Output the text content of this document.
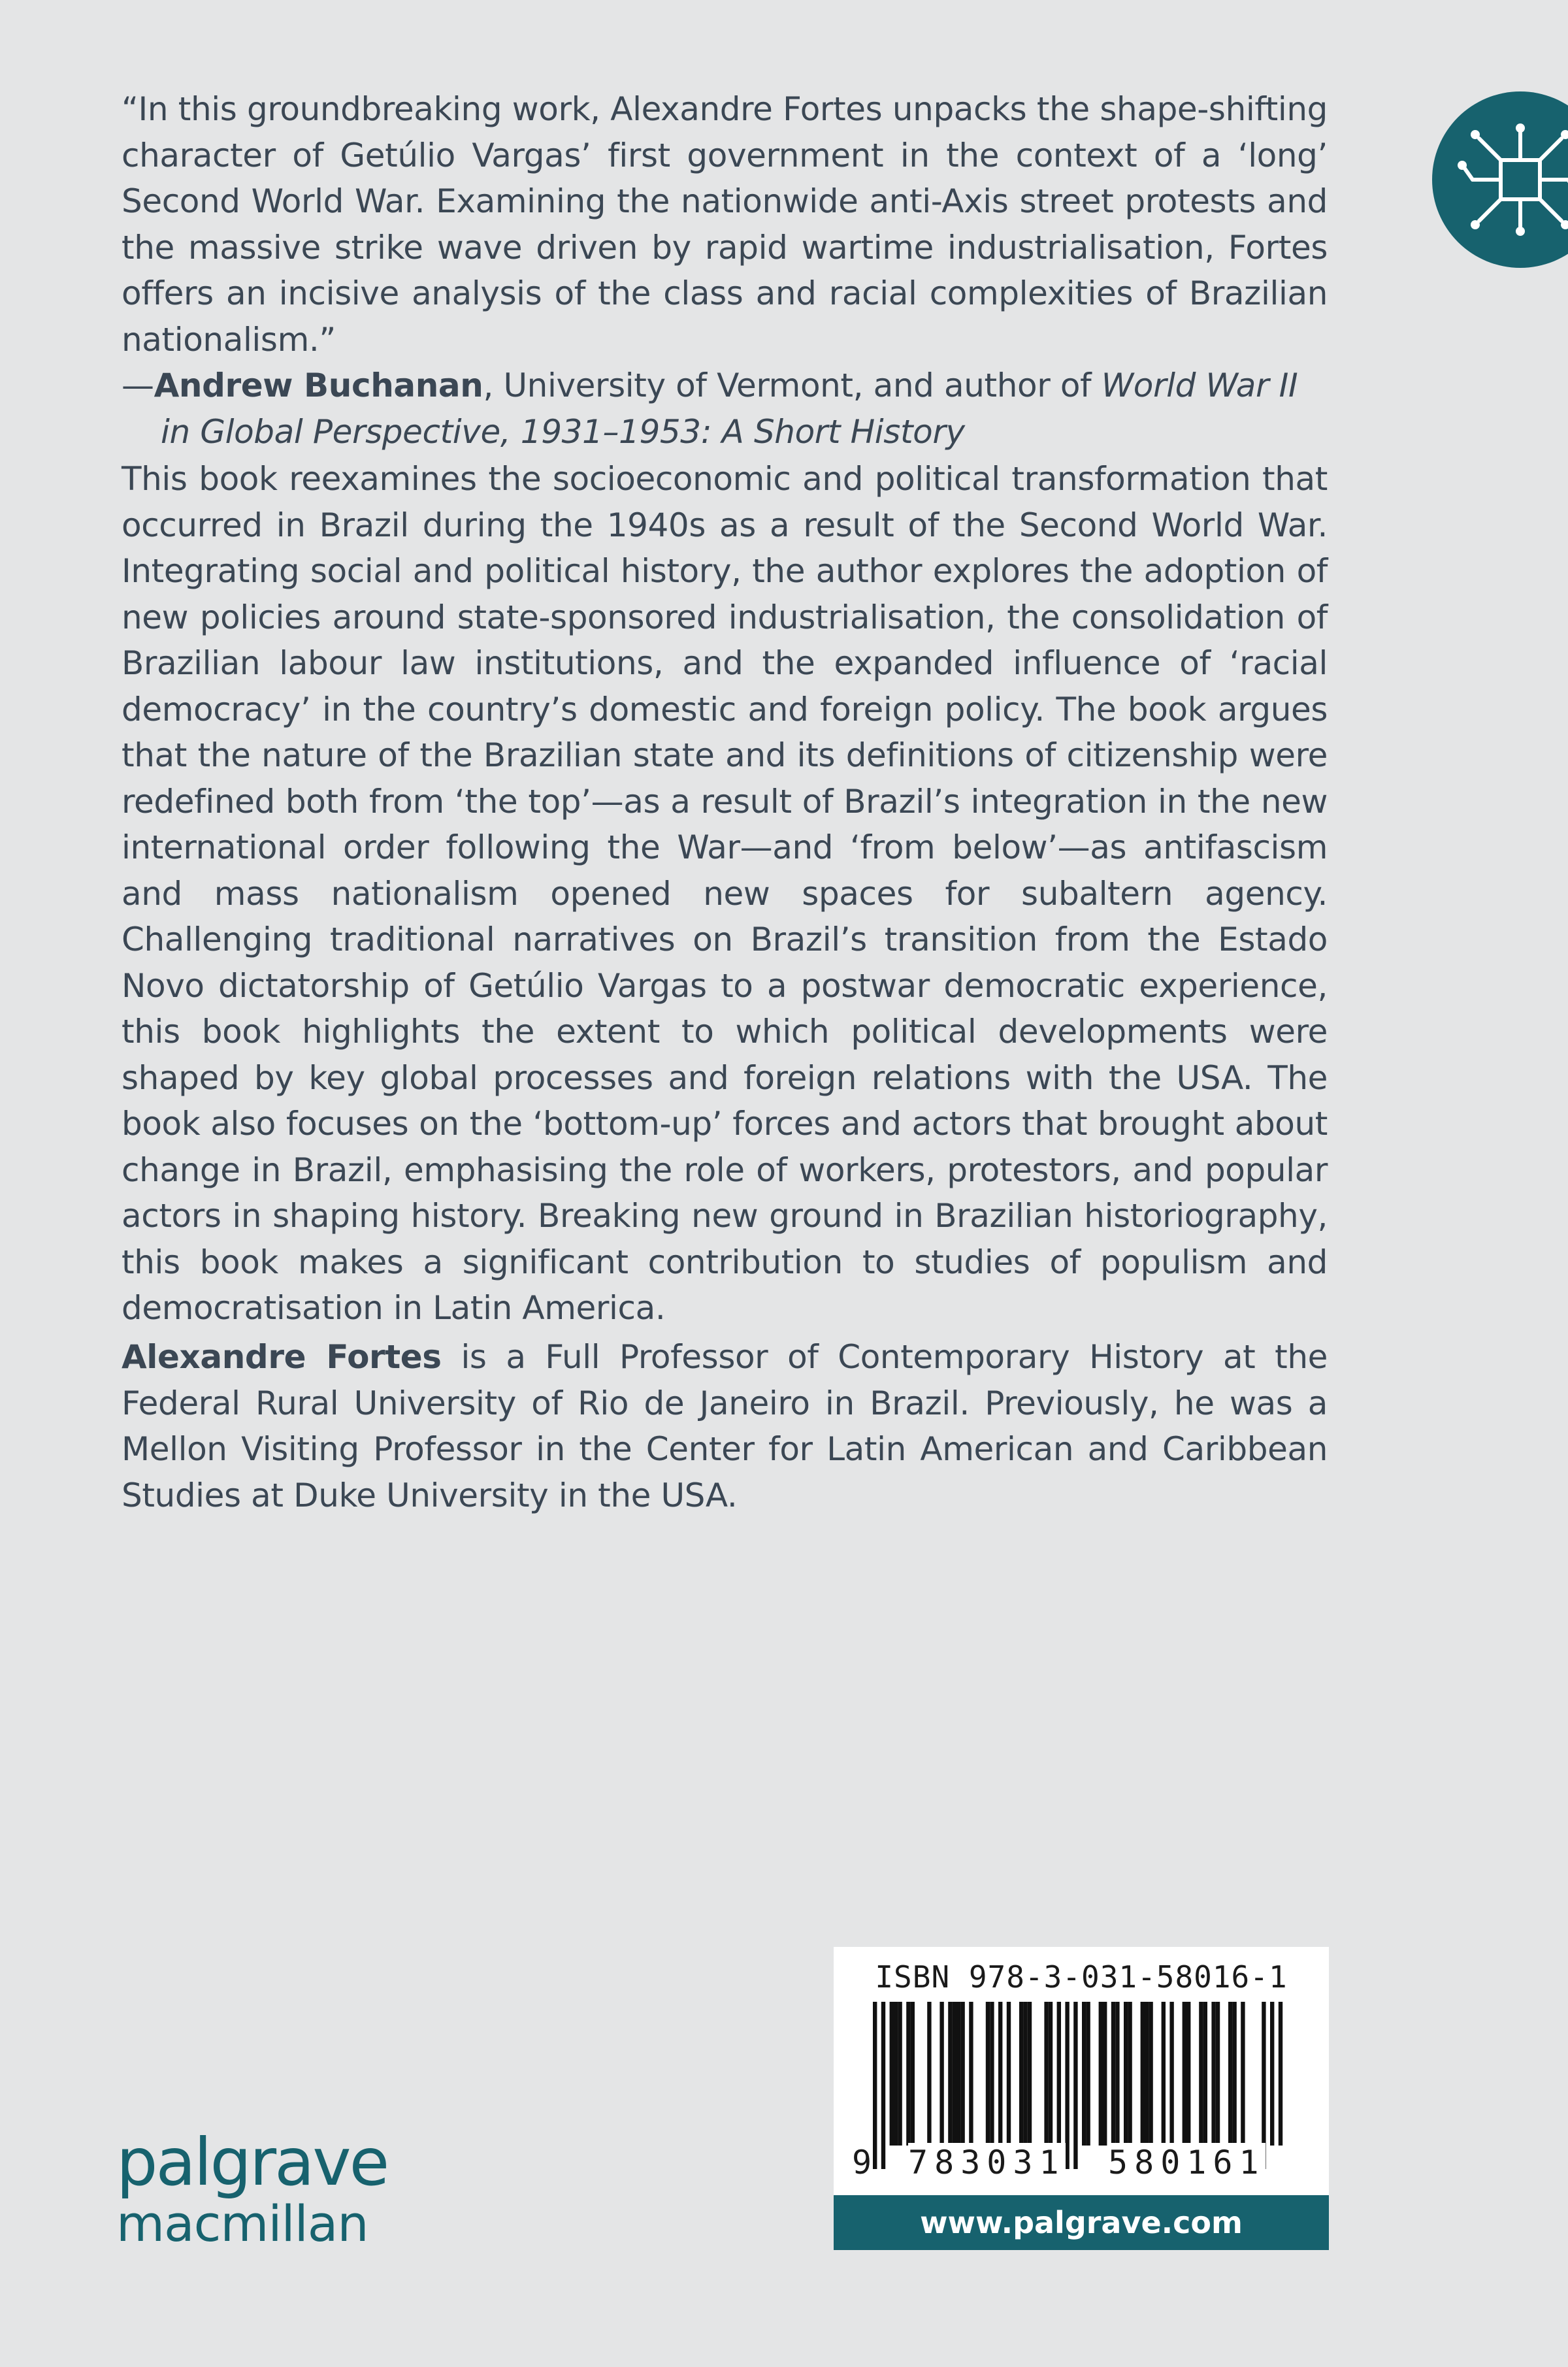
“In this groundbreaking work, Alexandre Fortes unpacks the shape-shifting character of Getúlio Vargas’ first government in the context of a ‘long’ Second World War. Examining the nationwide anti-Axis street protests and the massive strike wave driven by rapid wartime industrialisation, Fortes offers an incisive analysis of the class and racial complexities of Brazilian nationalism.”

—Andrew Buchanan, University of Vermont, and author of World War II in Global Perspective, 1931–1953: A Short History

This book reexamines the socioeconomic and political transformation that occurred in Brazil during the 1940s as a result of the Second World War. Integrating social and political history, the author explores the adoption of new policies around state-sponsored industrialisation, the consolidation of Brazilian labour law institutions, and the expanded influence of ‘racial democracy’ in the country’s domestic and foreign policy. The book argues that the nature of the Brazilian state and its definitions of citizenship were redefined both from ‘the top’—as a result of Brazil’s integration in the new international order following the War—and ‘from below’—as antifascism and mass nationalism opened new spaces for subaltern agency. Challenging traditional narratives on Brazil’s transition from the Estado Novo dictatorship of Getúlio Vargas to a postwar democratic experience, this book highlights the extent to which political developments were shaped by key global processes and foreign relations with the USA. The book also focuses on the ‘bottom-up’ forces and actors that brought about change in Brazil, emphasising the role of workers, protestors, and popular actors in shaping history. Breaking new ground in Brazilian historiography, this book makes a significant contribution to studies of populism and democratisation in Latin America.

Alexandre Fortes is a Full Professor of Contemporary History at the Federal Rural University of Rio de Janeiro in Brazil. Previously, he was a Mellon Visiting Professor in the Center for Latin American and Caribbean Studies at Duke University in the USA.

palgrave
macmillan
ISBN 978-3-031-58016-1
9 783031 580161
www.palgrave.com
